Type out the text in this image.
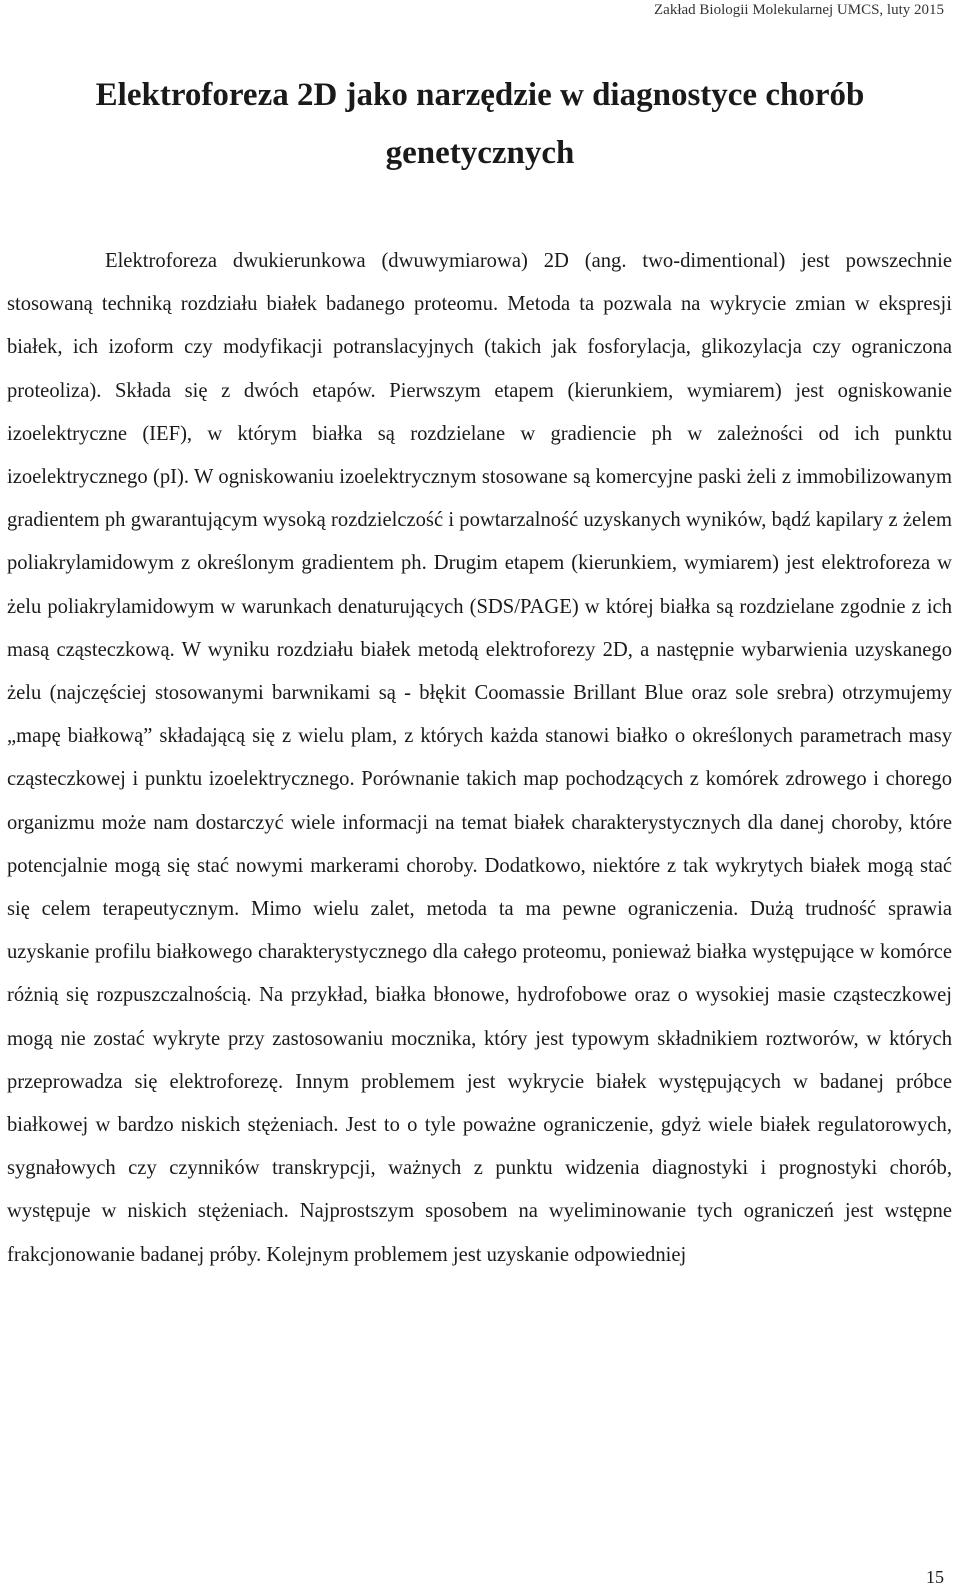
Zakład Biologii Molekularnej UMCS, luty 2015
Elektroforeza 2D jako narzędzie w diagnostyce chorób
genetycznych

Elektroforeza dwukierunkowa (dwuwymiarowa) 2D (ang. two-dimentional) jest powszechnie stosowaną techniką rozdziału białek badanego proteomu. Metoda ta pozwala na wykrycie zmian w ekspresji białek, ich izoform czy modyfikacji potranslacyjnych (takich jak fosforylacja, glikozylacja czy ograniczona proteoliza). Składa się z dwóch etapów. Pierwszym etapem (kierunkiem, wymiarem) jest ogniskowanie izoelektryczne (IEF), w którym białka są rozdzielane w gradiencie ph w zależności od ich punktu izoelektrycznego (pI). W ogniskowaniu izoelektrycznym stosowane są komercyjne paski żeli z immobilizowanym gradientem ph gwarantującym wysoką rozdzielczość i powtarzalność uzyskanych wyników, bądź kapilary z żelem poliakrylamidowym z określonym gradientem ph. Drugim etapem (kierunkiem, wymiarem) jest elektroforeza w żelu poliakrylamidowym w warunkach denaturujących (SDS/PAGE) w której białka są rozdzielane zgodnie z ich masą cząsteczkową. W wyniku rozdziału białek metodą elektroforezy 2D, a następnie wybarwienia uzyskanego żelu (najczęściej stosowanymi barwnikami są - błękit Coomassie Brillant Blue oraz sole srebra) otrzymujemy „mapę białkową” składającą się z wielu plam, z których każda stanowi białko o określonych parametrach masy cząsteczkowej i punktu izoelektrycznego. Porównanie takich map pochodzących z komórek zdrowego i chorego organizmu może nam dostarczyć wiele informacji na temat białek charakterystycznych dla danej choroby, które potencjalnie mogą się stać nowymi markerami choroby. Dodatkowo, niektóre z tak wykrytych białek mogą stać się celem terapeutycznym. Mimo wielu zalet, metoda ta ma pewne ograniczenia. Dużą trudność sprawia uzyskanie profilu białkowego charakterystycznego dla całego proteomu, ponieważ białka występujące w komórce różnią się rozpuszczalnością. Na przykład, białka błonowe, hydrofobowe oraz o wysokiej masie cząsteczkowej mogą nie zostać wykryte przy zastosowaniu mocznika, który jest typowym składnikiem roztworów, w których przeprowadza się elektroforezę. Innym problemem jest wykrycie białek występujących w badanej próbce białkowej w bardzo niskich stężeniach. Jest to o tyle poważne ograniczenie, gdyż wiele białek regulatorowych, sygnałowych czy czynników transkrypcji, ważnych z punktu widzenia diagnostyki i prognostyki chorób, występuje w niskich stężeniach. Najprostszym sposobem na wyeliminowanie tych ograniczeń jest wstępne frakcjonowanie badanej próby. Kolejnym problemem jest uzyskanie odpowiedniej

15
